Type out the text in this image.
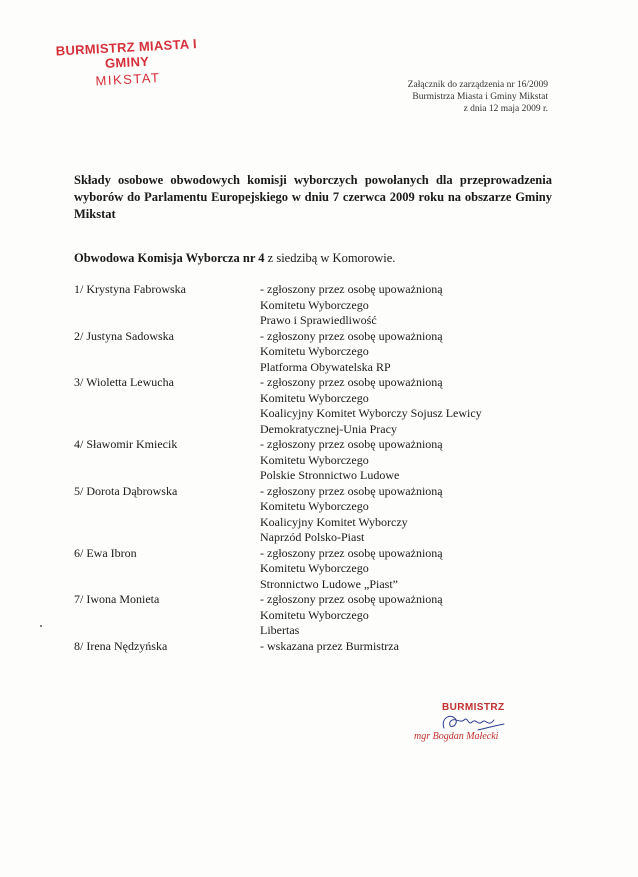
BURMISTRZ MIASTA I GMINY
MIKSTAT	Załącznik do zarządzenia nr 16/2009
Burmistrza Miasta i Gminy Mikstat
z dnia 12 maja 2009 r.
Składy osobowe obwodowych komisji wyborczych powołanych dla przeprowadzenia wyborów do Parlamentu Europejskiego w dniu 7 czerwca 2009 roku na obszarze Gminy Mikstat
Obwodowa Komisja Wyborcza nr 4 z siedzibą w Komorowie.
1/ Krystyna Fabrowska	- zgłoszony przez osobę upoważnioną
Komitetu Wyborczego
Prawo i Sprawiedliwość
2/ Justyna Sadowska	- zgłoszony przez osobę upoważnioną
Komitetu Wyborczego
Platforma Obywatelska RP
3/ Wioletta Lewucha	- zgłoszony przez osobę upoważnioną
Komitetu Wyborczego
Koalicyjny Komitet Wyborczy Sojusz Lewicy
Demokratycznej-Unia Pracy
4/ Sławomir Kmiecik	- zgłoszony przez osobę upoważnioną
Komitetu Wyborczego
Polskie Stronnictwo Ludowe
5/ Dorota Dąbrowska	- zgłoszony przez osobę upoważnioną
Komitetu Wyborczego
Koalicyjny Komitet Wyborczy
Naprzód Polsko-Piast
6/ Ewa Ibron	- zgłoszony przez osobę upoważnioną
Komitetu Wyborczego
Stronnictwo Ludowe „Piast”
7/ Iwona Monieta	- zgłoszony przez osobę upoważnioną
Komitetu Wyborczego
Libertas
8/ Irena Nędzyńska	- wskazana przez Burmistrza
BURMISTRZ
mgr Bogdan Małecki
